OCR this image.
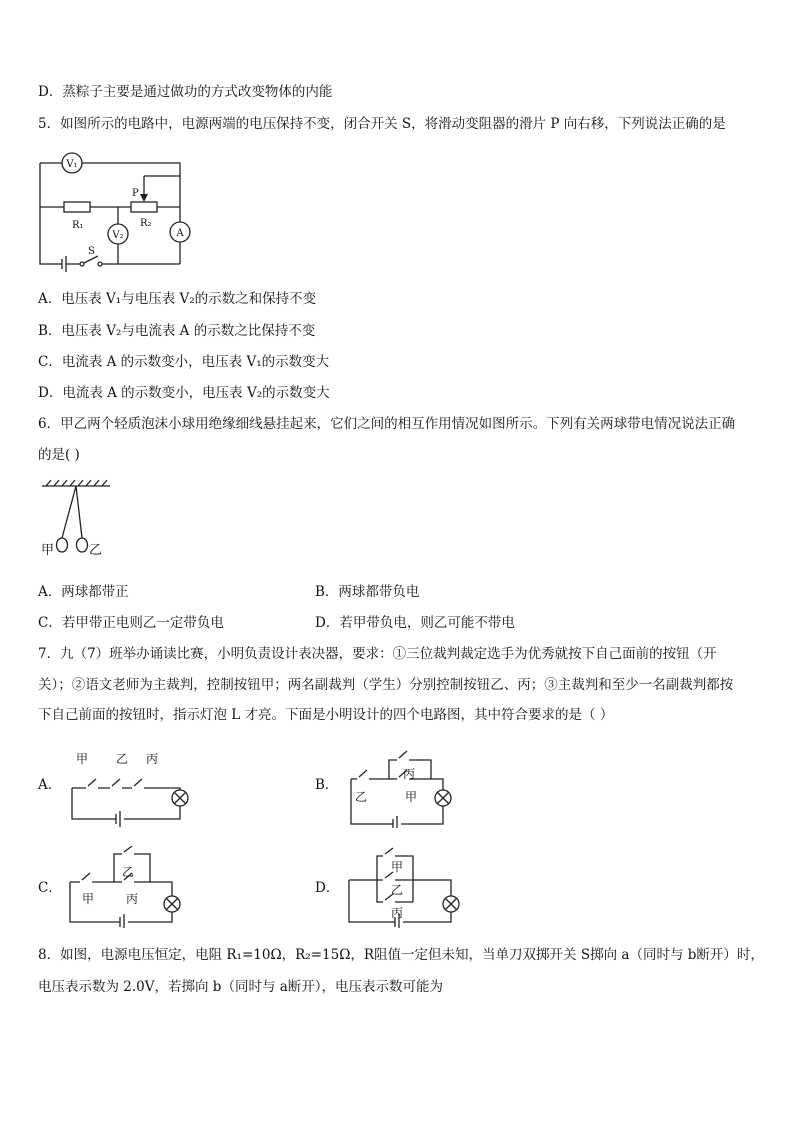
D．蒸粽子主要是通过做功的方式改变物体的内能
5．如图所示的电路中，电源两端的电压保持不变，闭合开关 S，将滑动变阻器的滑片 P 向右移，下列说法正确的是
V₁
R₁	R₂
P
V₂	A
S
A．电压表 V₁与电压表 V₂的示数之和保持不变
B．电压表 V₂与电流表 A 的示数之比保持不变
C．电流表 A 的示数变小，电压表 V₁的示数变大
D．电流表 A 的示数变小，电压表 V₂的示数变大
6．甲乙两个轻质泡沫小球用绝缘细线悬挂起来，它们之间的相互作用情况如图所示。下列有关两球带电情况说法正确
的是( )
甲	乙
A．两球都带正	B．两球都带负电
C．若甲带正电则乙一定带负电	D．若甲带负电，则乙可能不带电
7．九（7）班举办诵读比赛，小明负责设计表决器，要求：①三位裁判裁定选手为优秀就按下自己面前的按钮（开
关）；②语文老师为主裁判，控制按钮甲；两名副裁判（学生）分别控制按钮乙、丙；③主裁判和至少一名副裁判都按
下自己前面的按钮时，指示灯泡 L 才亮。下面是小明设计的四个电路图，其中符合要求的是（ ）
A．
甲 乙 丙
B．
丙
乙	甲
C．
乙
甲	丙
D．
甲
乙
丙
8．如图，电源电压恒定，电阻 R₁=10Ω，R₂=15Ω，R阻值一定但未知，当单刀双掷开关 S掷向 a（同时与 b断开）时，
电压表示数为 2.0V，若掷向 b（同时与 a断开），电压表示数可能为
